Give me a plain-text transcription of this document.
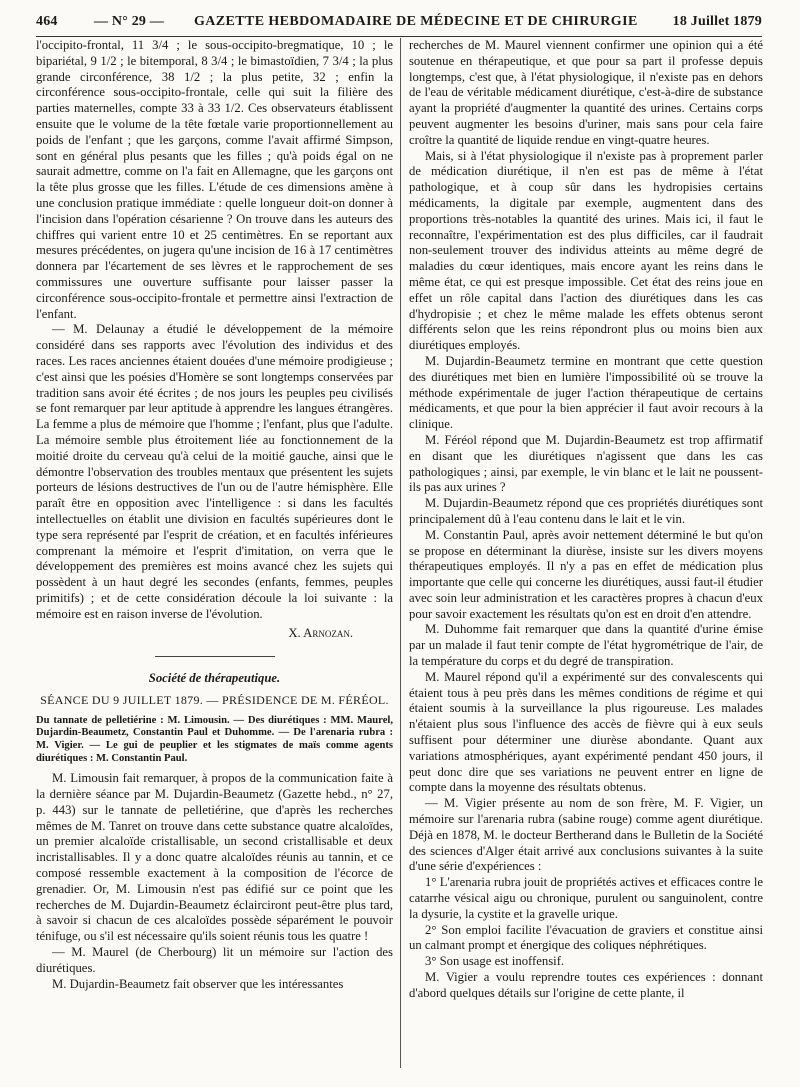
464	— N° 29 — GAZETTE HEBDOMADAIRE DE MÉDECINE ET DE CHIRURGIE 18 Juillet 1879

l'occipito-frontal, 11 3/4 ; le sous-occipito-bregmatique, 10 ; le bipariétal, 9 1/2 ; le bitemporal, 8 3/4 ; le bimastoïdien, 7 3/4 ; la plus grande circonférence, 38 1/2 ; la plus petite, 32 ; enfin la circonférence sous-occipito-frontale, celle qui suit la filière des parties maternelles, compte 33 à 33 1/2. Ces observateurs établissent ensuite que le volume de la tête fœtale varie proportionnellement au poids de l'enfant ; que les garçons, comme l'avait affirmé Simpson, sont en général plus pesants que les filles ; qu'à poids égal on ne saurait admettre, comme on l'a fait en Allemagne, que les garçons ont la tête plus grosse que les filles. L'étude de ces dimensions amène à une conclusion pratique immédiate : quelle longueur doit-on donner à l'incision dans l'opération césarienne ? On trouve dans les auteurs des chiffres qui varient entre 10 et 25 centimètres. En se reportant aux mesures précédentes, on jugera qu'une incision de 16 à 17 centimètres donnera par l'écartement de ses lèvres et le rapprochement de ses commissures une ouverture suffisante pour laisser passer la circonférence sous-occipito-frontale et permettre ainsi l'extraction de l'enfant.

— M. Delaunay a étudié le développement de la mémoire considéré dans ses rapports avec l'évolution des individus et des races. Les races anciennes étaient douées d'une mémoire prodigieuse ; c'est ainsi que les poésies d'Homère se sont longtemps conservées par tradition sans avoir été écrites ; de nos jours les peuples peu civilisés se font remarquer par leur aptitude à apprendre les langues étrangères. La femme a plus de mémoire que l'homme ; l'enfant, plus que l'adulte. La mémoire semble plus étroitement liée au fonctionnement de la moitié droite du cerveau qu'à celui de la moitié gauche, ainsi que le démontre l'observation des troubles mentaux que présentent les sujets porteurs de lésions destructives de l'un ou de l'autre hémisphère. Elle paraît être en opposition avec l'intelligence : si dans les facultés intellectuelles on établit une division en facultés supérieures dont le type sera représenté par l'esprit de création, et en facultés inférieures comprenant la mémoire et l'esprit d'imitation, on verra que le développement des premières est moins avancé chez les sujets qui possèdent à un haut degré les secondes (enfants, femmes, peuples primitifs) ; et de cette considération découle la loi suivante : la mémoire est en raison inverse de l'évolution.

X. Arnozan.
Société de thérapeutique.
SÉANCE DU 9 JUILLET 1879. — PRÉSIDENCE DE M. FÉRÉOL.

Du tannate de pelletiérine : M. Limousin. — Des diurétiques : MM. Maurel, Dujardin-Beaumetz, Constantin Paul et Duhomme. — De l'arenaria rubra : M. Vigier. — Le gui de peuplier et les stigmates de maïs comme agents diurétiques : M. Constantin Paul.

M. Limousin fait remarquer, à propos de la communication faite à la dernière séance par M. Dujardin-Beaumetz (Gazette hebd., n° 27, p. 443) sur le tannate de pelletiérine, que d'après les recherches mêmes de M. Tanret on trouve dans cette substance quatre alcaloïdes, un premier alcaloïde cristallisable, un second cristallisable et deux incristallisables. Il y a donc quatre alcaloïdes réunis au tannin, et ce composé ressemble exactement à la composition de l'écorce de grenadier. Or, M. Limousin n'est pas édifié sur ce point que les recherches de M. Dujardin-Beaumetz éclairciront peut-être plus tard, à savoir si chacun de ces alcaloïdes possède séparément le pouvoir ténifuge, ou s'il est nécessaire qu'ils soient réunis tous les quatre !

— M. Maurel (de Cherbourg) lit un mémoire sur l'action des diurétiques.

M. Dujardin-Beaumetz fait observer que les intéressantes

recherches de M. Maurel viennent confirmer une opinion qui a été soutenue en thérapeutique, et que pour sa part il professe depuis longtemps, c'est que, à l'état physiologique, il n'existe pas en dehors de l'eau de véritable médicament diurétique, c'est-à-dire de substance ayant la propriété d'augmenter la quantité des urines. Certains corps peuvent augmenter les besoins d'uriner, mais sans pour cela faire croître la quantité de liquide rendue en vingt-quatre heures.

Mais, si à l'état physiologique il n'existe pas à proprement parler de médication diurétique, il n'en est pas de même à l'état pathologique, et à coup sûr dans les hydropisies certains médicaments, la digitale par exemple, augmentent dans des proportions très-notables la quantité des urines. Mais ici, il faut le reconnaître, l'expérimentation est des plus difficiles, car il faudrait non-seulement trouver des individus atteints au même degré de maladies du cœur identiques, mais encore ayant les reins dans le même état, ce qui est presque impossible. Cet état des reins joue en effet un rôle capital dans l'action des diurétiques dans les cas d'hydropisie ; et chez le même malade les effets obtenus seront différents selon que les reins répondront plus ou moins bien aux diurétiques employés.

M. Dujardin-Beaumetz termine en montrant que cette question des diurétiques met bien en lumière l'impossibilité où se trouve la méthode expérimentale de juger l'action thérapeutique de certains médicaments, et que pour la bien apprécier il faut avoir recours à la clinique.

M. Féréol répond que M. Dujardin-Beaumetz est trop affirmatif en disant que les diurétiques n'agissent que dans les cas pathologiques ; ainsi, par exemple, le vin blanc et le lait ne poussent-ils pas aux urines ?

M. Dujardin-Beaumetz répond que ces propriétés diurétiques sont principalement dû à l'eau contenu dans le lait et le vin.

M. Constantin Paul, après avoir nettement déterminé le but qu'on se propose en déterminant la diurèse, insiste sur les divers moyens thérapeutiques employés. Il n'y a pas en effet de médication plus importante que celle qui concerne les diurétiques, aussi faut-il étudier avec soin leur administration et les caractères propres à chacun d'eux pour savoir exactement les résultats qu'on est en droit d'en attendre.

M. Duhomme fait remarquer que dans la quantité d'urine émise par un malade il faut tenir compte de l'état hygrométrique de l'air, de la température du corps et du degré de transpiration.

M. Maurel répond qu'il a expérimenté sur des convalescents qui étaient tous à peu près dans les mêmes conditions de régime et qui étaient soumis à la surveillance la plus rigoureuse. Les malades n'étaient plus sous l'influence des accès de fièvre qui à eux seuls suffisent pour déterminer une diurèse abondante. Quant aux variations atmosphériques, ayant expérimenté pendant 450 jours, il peut donc dire que ses variations ne peuvent entrer en ligne de compte dans la moyenne des résultats obtenus.

— M. Vigier présente au nom de son frère, M. F. Vigier, un mémoire sur l'arenaria rubra (sabine rouge) comme agent diurétique. Déjà en 1878, M. le docteur Bertherand dans le Bulletin de la Société des sciences d'Alger était arrivé aux conclusions suivantes à la suite d'une série d'expériences :

1° L'arenaria rubra jouit de propriétés actives et efficaces contre le catarrhe vésical aigu ou chronique, purulent ou sanguinolent, contre la dysurie, la cystite et la gravelle urique.

2° Son emploi facilite l'évacuation de graviers et constitue ainsi un calmant prompt et énergique des coliques néphrétiques.

3° Son usage est inoffensif.

M. Vigier a voulu reprendre toutes ces expériences : donnant d'abord quelques détails sur l'origine de cette plante, il
